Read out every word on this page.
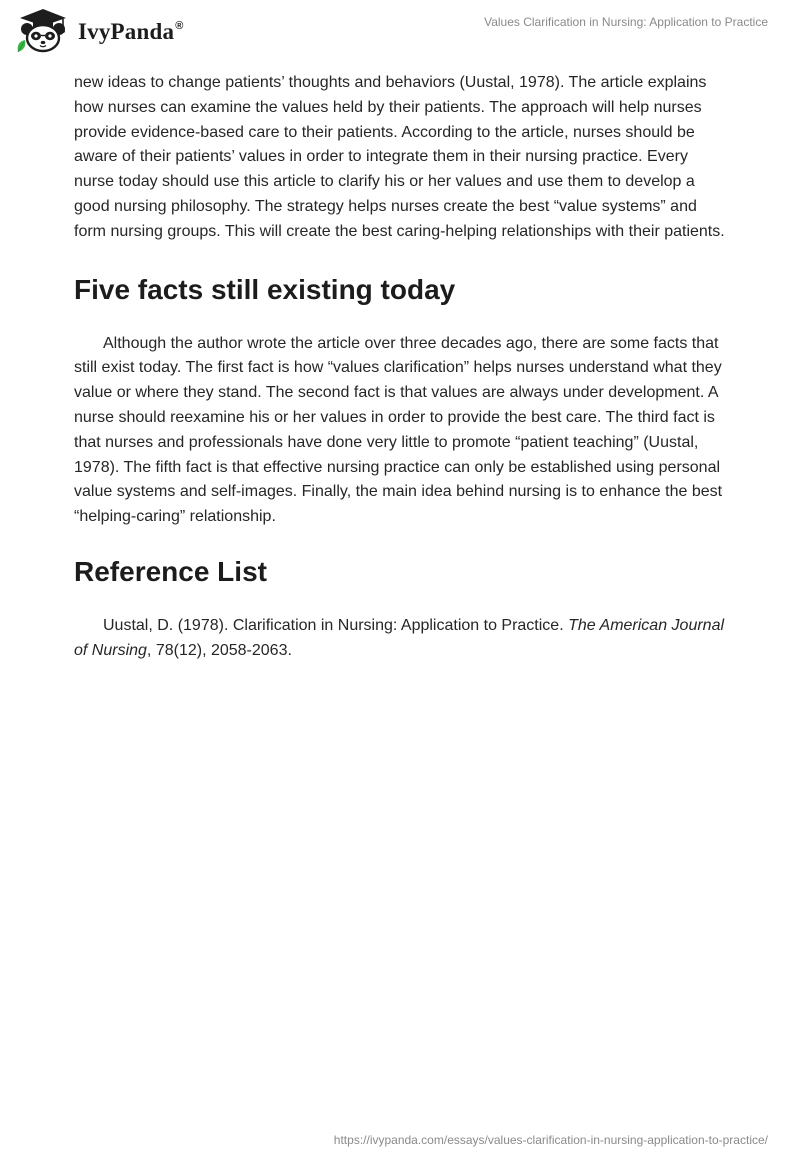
IvyPanda®	Values Clarification in Nursing: Application to Practice

new ideas to change patients’ thoughts and behaviors (Uustal, 1978). The article explains how nurses can examine the values held by their patients. The approach will help nurses provide evidence-based care to their patients. According to the article, nurses should be aware of their patients’ values in order to integrate them in their nursing practice. Every nurse today should use this article to clarify his or her values and use them to develop a good nursing philosophy. The strategy helps nurses create the best “value systems” and form nursing groups. This will create the best caring-helping relationships with their patients.

Five facts still existing today

Although the author wrote the article over three decades ago, there are some facts that still exist today. The first fact is how “values clarification” helps nurses understand what they value or where they stand. The second fact is that values are always under development. A nurse should reexamine his or her values in order to provide the best care. The third fact is that nurses and professionals have done very little to promote “patient teaching” (Uustal, 1978). The fifth fact is that effective nursing practice can only be established using personal value systems and self-images. Finally, the main idea behind nursing is to enhance the best “helping-caring” relationship.

Reference List

Uustal, D. (1978). Clarification in Nursing: Application to Practice. The American Journal of Nursing, 78(12), 2058-2063.

https://ivypanda.com/essays/values-clarification-in-nursing-application-to-practice/
